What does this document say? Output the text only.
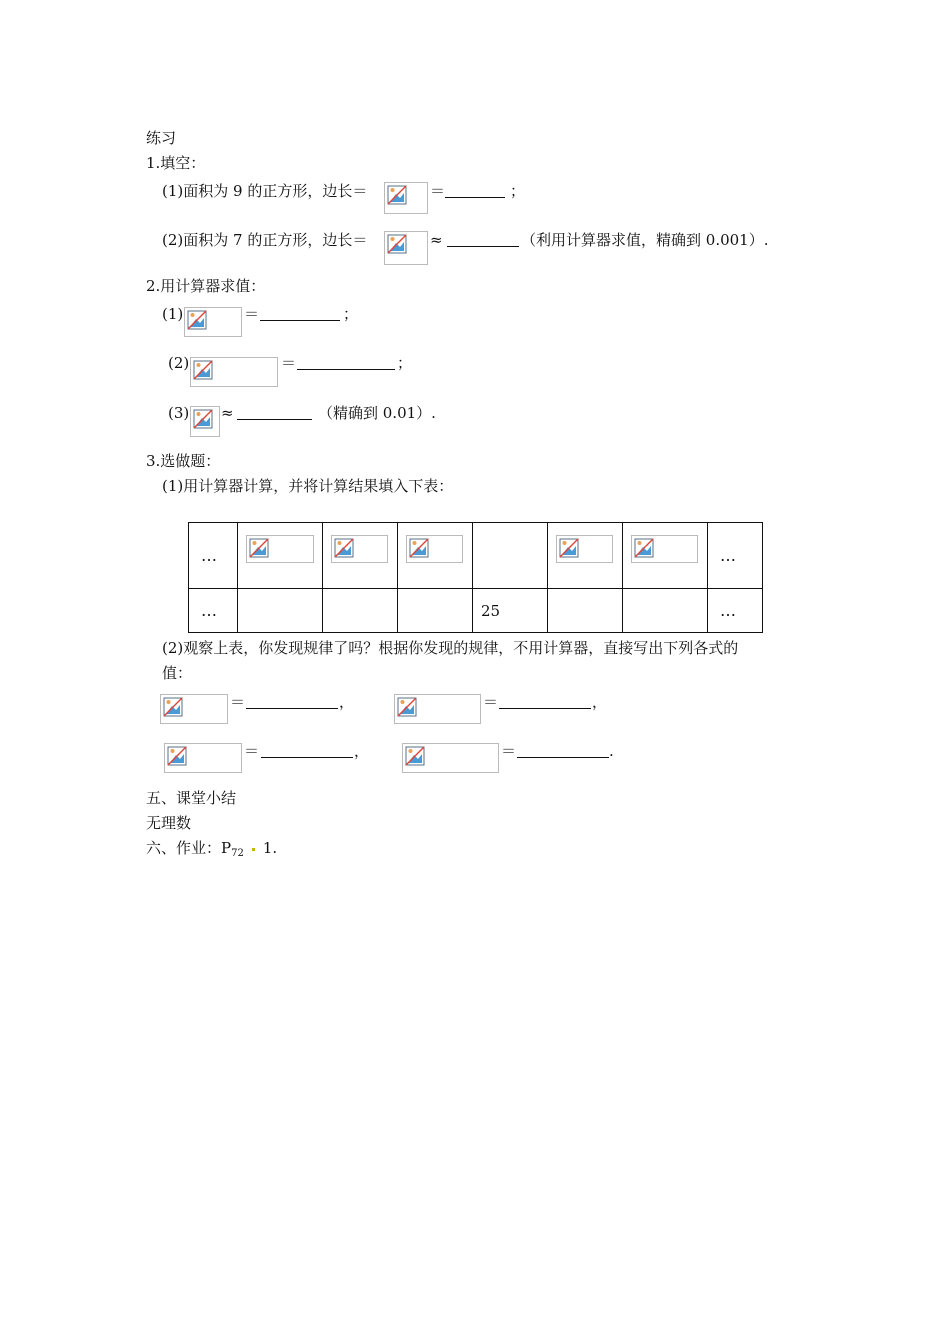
练习
1.填空：
(1)面积为 9 的正方形，边长＝	＝	；
(2)面积为 7 的正方形，边长＝	≈	（利用计算器求值，精确到 0.001）.
2.用计算器求值：
(1)	＝	；
(2)	＝	；
(3) ≈	（精确到 0.01）.
3.选做题：
(1)用计算器计算，并将计算结果填入下表：
…							…
…				25			…
(2)观察上表，你发现规律了吗？根据你发现的规律，不用计算器，直接写出下列各式的
值：
＝	，	＝	，
＝	，	＝	.
五、课堂小结
无理数
六、作业：$P_{72}$ 1.
